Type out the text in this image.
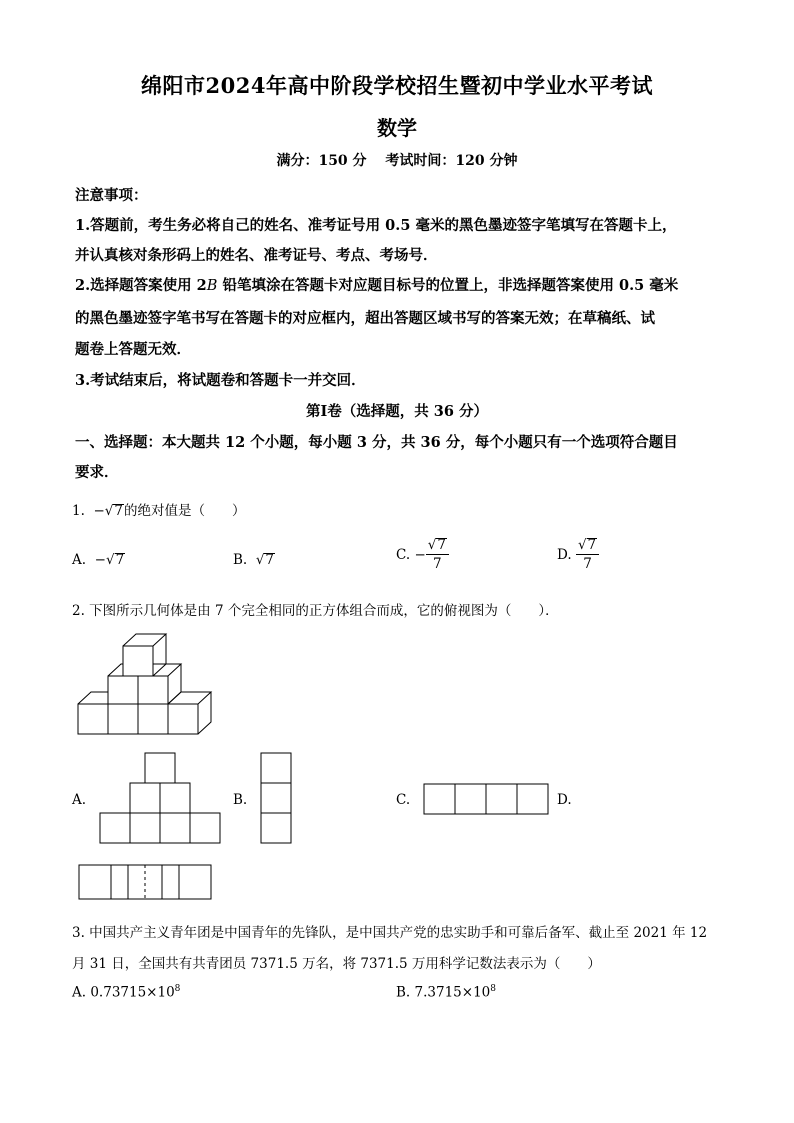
绵阳市2024年高中阶段学校招生暨初中学业水平考试
数学
满分：150 分　 考试时间：120 分钟
注意事项：
1.答题前，考生务必将自己的姓名、准考证号用 0.5 毫米的黑色墨迹签字笔填写在答题卡上，
并认真核对条形码上的姓名、准考证号、考点、考场号．
2.选择题答案使用 2B 铅笔填涂在答题卡对应题目标号的位置上，非选择题答案使用 0.5 毫米
的黑色墨迹签字笔书写在答题卡的对应框内，超出答题区域书写的答案无效；在草稿纸、试
题卷上答题无效．
3.考试结束后，将试题卷和答题卡一并交回．
第Ⅰ卷（选择题，共 36 分）
一、选择题：本大题共 12 个小题，每小题 3 分，共 36 分，每个小题只有一个选项符合题目
要求．
1. −√7的绝对值是（　　）
A. −√7	B. √7	C. − $\frac{√7}{7}$	D. $\frac{√7}{7}$
2. 下图所示几何体是由 7 个完全相同的正方体组合而成，它的俯视图为（　　）．
A.	B.	C.	D.
3. 中国共产主义青年团是中国青年的先锋队，是中国共产党的忠实助手和可靠后备军、截止至 2021 年 12
月 31 日，全国共有共青团员 7371.5 万名，将 7371.5 万用科学记数法表示为（　　）
A. $0.73715\times 10^8$	B. $7.3715\times 10^8$
